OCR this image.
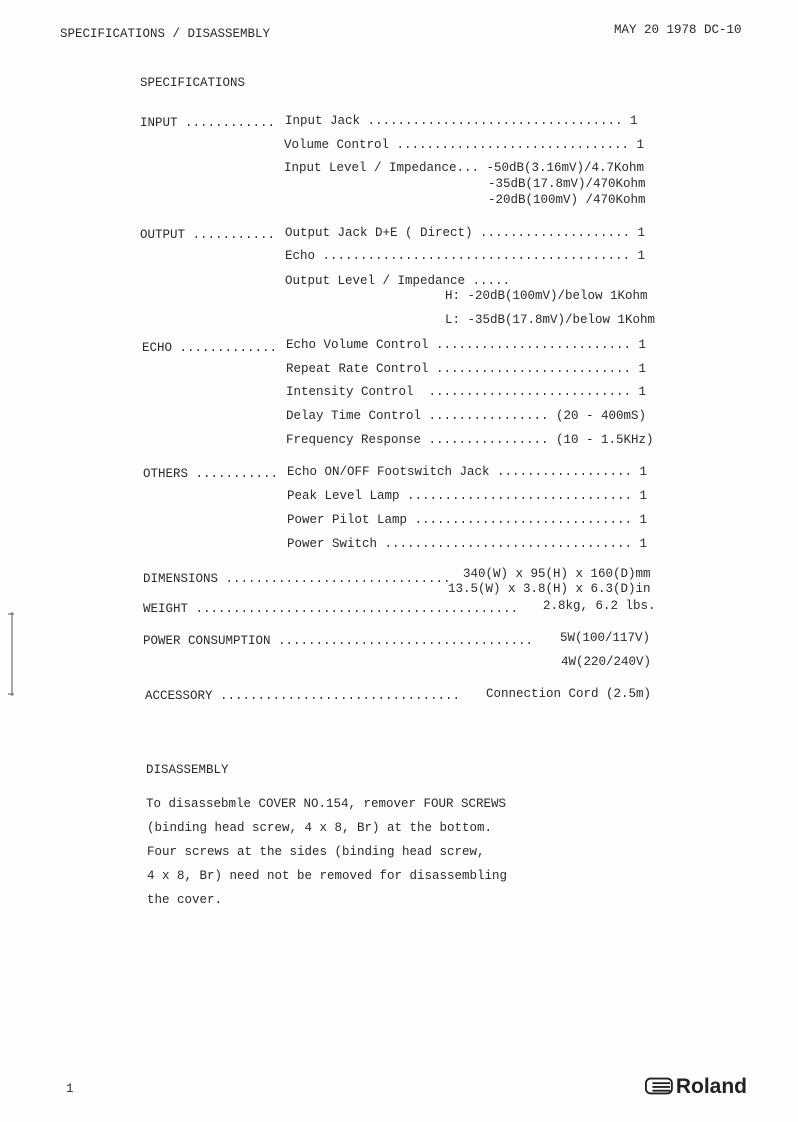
SPECIFICATIONS / DISASSEMBLY	MAY 20 1978 DC-10
SPECIFICATIONS
INPUT ............ Input Jack .................................. 1
Volume Control ............................... 1
Input Level / Impedance... -50dB(3.16mV)/4.7Kohm
-35dB(17.8mV)/470Kohm
-20dB(100mV) /470Kohm
OUTPUT ........... Output Jack D+E ( Direct) .................... 1
Echo ......................................... 1
Output Level / Impedance .....
H: -20dB(100mV)/below 1Kohm
L: -35dB(17.8mV)/below 1Kohm
ECHO ............. Echo Volume Control .......................... 1
Repeat Rate Control .......................... 1
Intensity Control  ........................... 1
Delay Time Control ................ (20 - 400mS)
Frequency Response ................ (10 - 1.5KHz)
OTHERS ........... Echo ON/OFF Footswitch Jack .................. 1
Peak Level Lamp .............................. 1
Power Pilot Lamp ............................. 1
Power Switch ................................. 1
DIMENSIONS .............................. 340(W) x 95(H) x 160(D)mm
13.5(W) x 3.8(H) x 6.3(D)in
WEIGHT ........................................... 2.8kg, 6.2 lbs.
POWER CONSUMPTION .................................. 5W(100/117V)
4W(220/240V)
ACCESSORY ................................ Connection Cord (2.5m)
DISASSEMBLY
To disassebmle COVER NO.154, remover FOUR SCREWS
(binding head screw, 4 x 8, Br) at the bottom.
Four screws at the sides (binding head screw,
4 x 8, Br) need not be removed for disassembling
the cover.
1	Roland
